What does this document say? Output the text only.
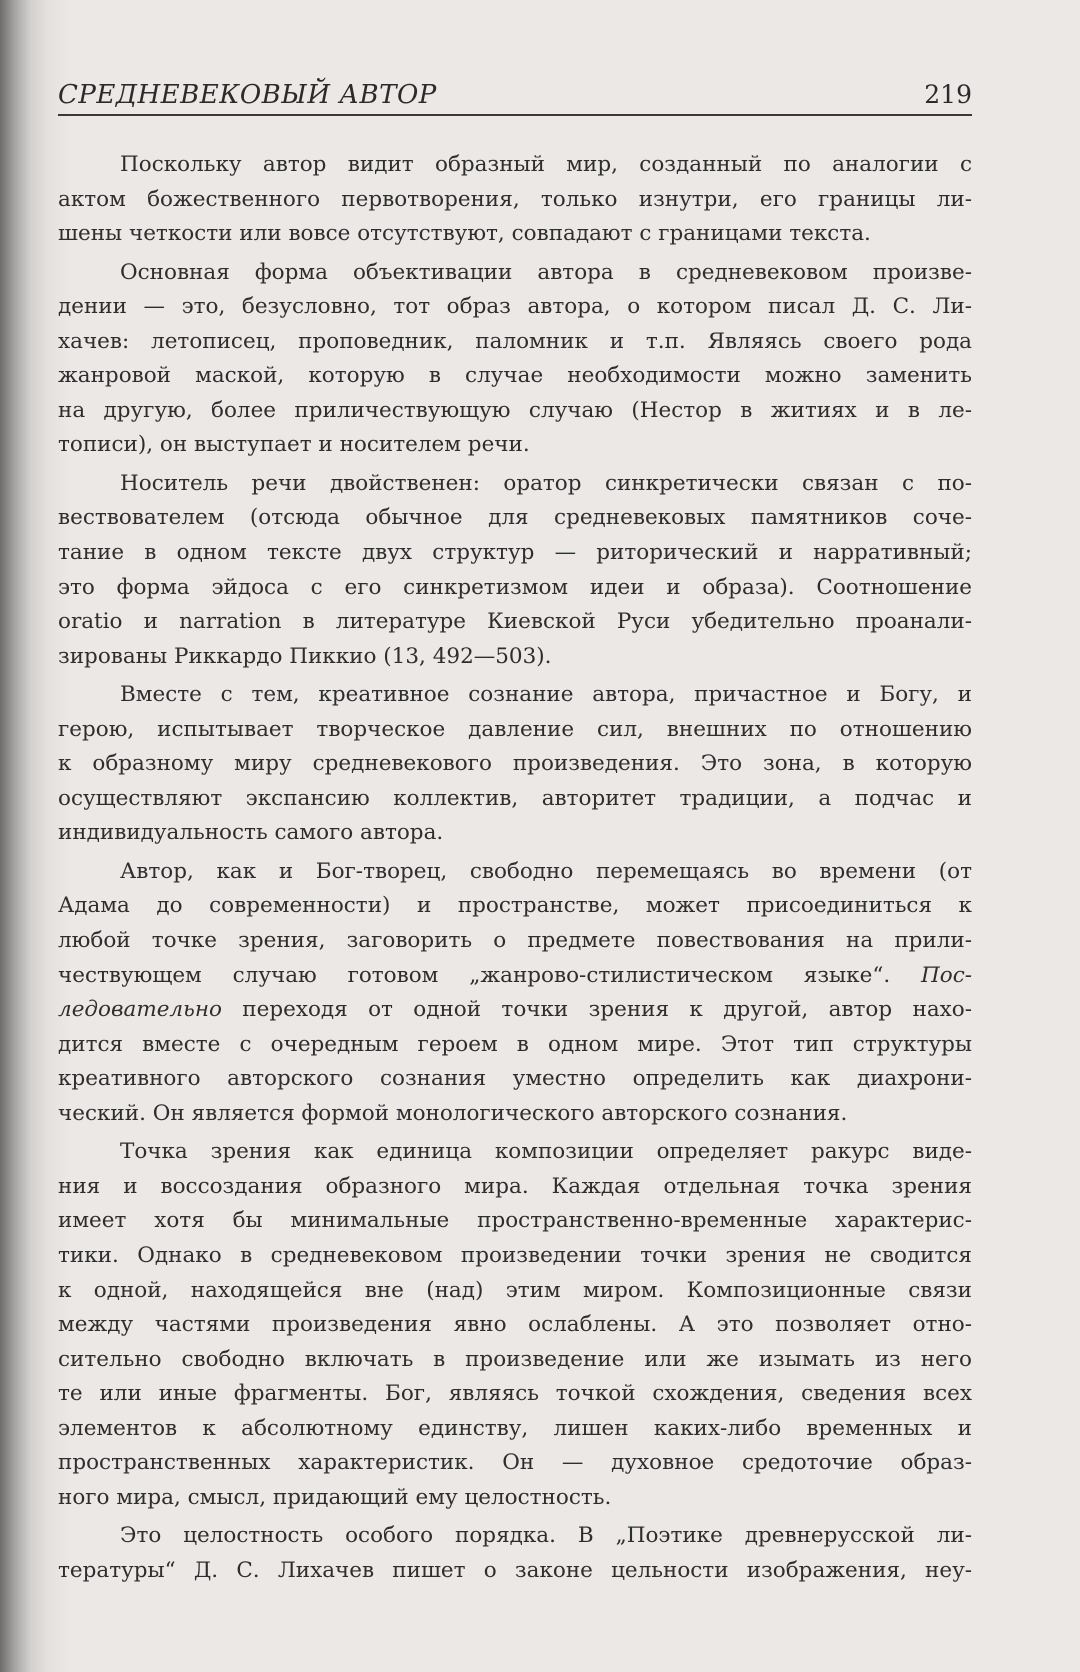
СРЕДНЕВЕКОВЫЙ АВТОР	219

Поскольку автор видит образный мир, созданный по аналогии с
актом божественного первотворения, только изнутри, его границы ли-
шены четкости или вовсе отсутствуют, совпадают с границами текста.

Основная форма объективации автора в средневековом произве-
дении — это, безусловно, тот образ автора, о котором писал Д. С. Ли-
хачев: летописец, проповедник, паломник и т.п. Являясь своего рода
жанровой маской, которую в случае необходимости можно заменить
на другую, более приличествующую случаю (Нестор в житиях и в ле-
тописи), он выступает и носителем речи.

Носитель речи двойственен: оратор синкретически связан с по-
вествователем (отсюда обычное для средневековых памятников соче-
тание в одном тексте двух структур — риторический и нарративный;
это форма эйдоса с его синкретизмом идеи и образа). Соотношение
oratio и narration в литературе Киевской Руси убедительно проанали-
зированы Риккардо Пиккио (13, 492—503).

Вместе с тем, креативное сознание автора, причастное и Богу, и
герою, испытывает творческое давление сил, внешних по отношению
к образному миру средневекового произведения. Это зона, в которую
осуществляют экспансию коллектив, авторитет традиции, а подчас и
индивидуальность самого автора.

Автор, как и Бог-творец, свободно перемещаясь во времени (от
Адама до современности) и пространстве, может присоединиться к
любой точке зрения, заговорить о предмете повествования на прили-
чествующем случаю готовом „жанрово-стилистическом языке“. Пос-
ледовательно переходя от одной точки зрения к другой, автор нахо-
дится вместе с очередным героем в одном мире. Этот тип структуры
креативного авторского сознания уместно определить как диахрони-
ческий. Он является формой монологического авторского сознания.

Точка зрения как единица композиции определяет ракурс виде-
ния и воссоздания образного мира. Каждая отдельная точка зрения
имеет хотя бы минимальные пространственно-временные характерис-
тики. Однако в средневековом произведении точки зрения не сводится
к одной, находящейся вне (над) этим миром. Композиционные связи
между частями произведения явно ослаблены. А это позволяет отно-
сительно свободно включать в произведение или же изымать из него
те или иные фрагменты. Бог, являясь точкой схождения, сведения всех
элементов к абсолютному единству, лишен каких-либо временных и
пространственных характеристик. Он — духовное средоточие образ-
ного мира, смысл, придающий ему целостность.

Это целостность особого порядка. В „Поэтике древнерусской ли-
тературы“ Д. С. Лихачев пишет о законе цельности изображения, неу-
